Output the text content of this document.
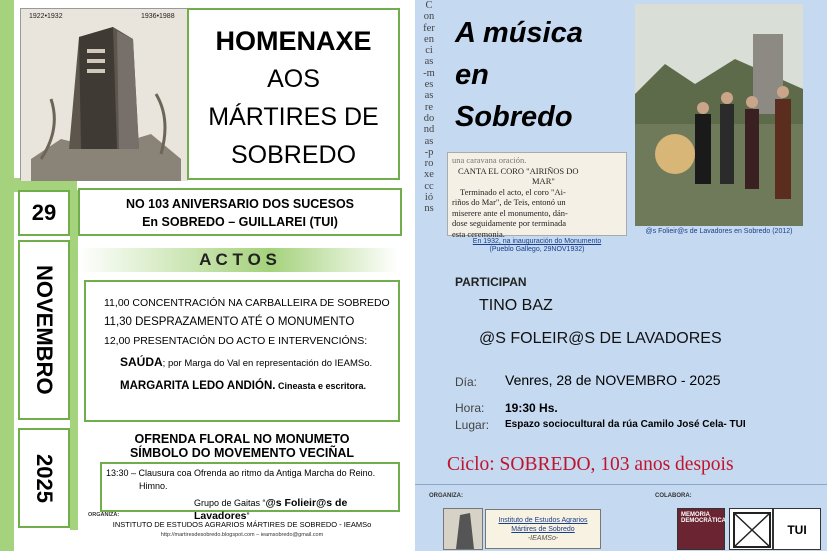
1922•1932	1936•1988
HOMENAXE
AOS
MÁRTIRES DE
SOBREDO
29
NOVEMBRO
2025
NO 103 ANIVERSARIO DOS SUCESOS
En SOBREDO – GUILLAREI (TUI)
A C T O S
11,00 CONCENTRACIÓN NA CARBALLEIRA DE SOBREDO
11,30 DESPRAZAMENTO ATÉ O MONUMENTO
12,00 PRESENTACIÓN DO ACTO E INTERVENCIÓNS:
SAÚDA; por Marga do Val en representación do IEAMSo.
MARGARITA LEDO ANDIÓN. Cineasta e escritora.
OFRENDA FLORAL NO MONUMETO
SÍMBOLO DO MOVEMENTO VECIÑAL
13:30 – Clausura coa Ofrenda ao ritmo da Antiga Marcha do Reino.
Himno.
Grupo de Gaitas “@s Folieir@s de Lavadores”
ORGANIZA:
INSTITUTO DE ESTUDOS AGRARIOS MÁRTIRES DE SOBREDO - IEAMSo
http://martiresdesobredo.blogspot.com – ieamsobredo@gmail.com
Conferencias-mesas redondas-proxeccións
A música
en
Sobredo
una caravana oración.
CANTA EL CORO "AIRIÑOS DO
MAR"
Terminado el acto, el coro "Ai-
riños do Mar", de Teis, entonó un
miserere ante el monumento, dán-
dose seguidamente por terminada
esta ceremonia.
En 1932, na inauguración do Monumento
(Pueblo Gallego, 29NOV1932)
@s Folieir@s de Lavadores en Sobredo (2012)
PARTICIPAN
TINO BAZ
@S FOLEIR@S DE LAVADORES
Día: Venres, 28 de NOVEMBRO - 2025
Hora: 19:30 Hs.
Lugar: Espazo sociocultural da rúa Camilo José Cela- TUI
Ciclo: SOBREDO, 103 anos despois
ORGANIZA:
Instituto de Estudos Agrarios
Mártires de Sobredo
-IEAMSo-
COLABORA:
MEMORIA
DEMOCRÁTICA
TUI
